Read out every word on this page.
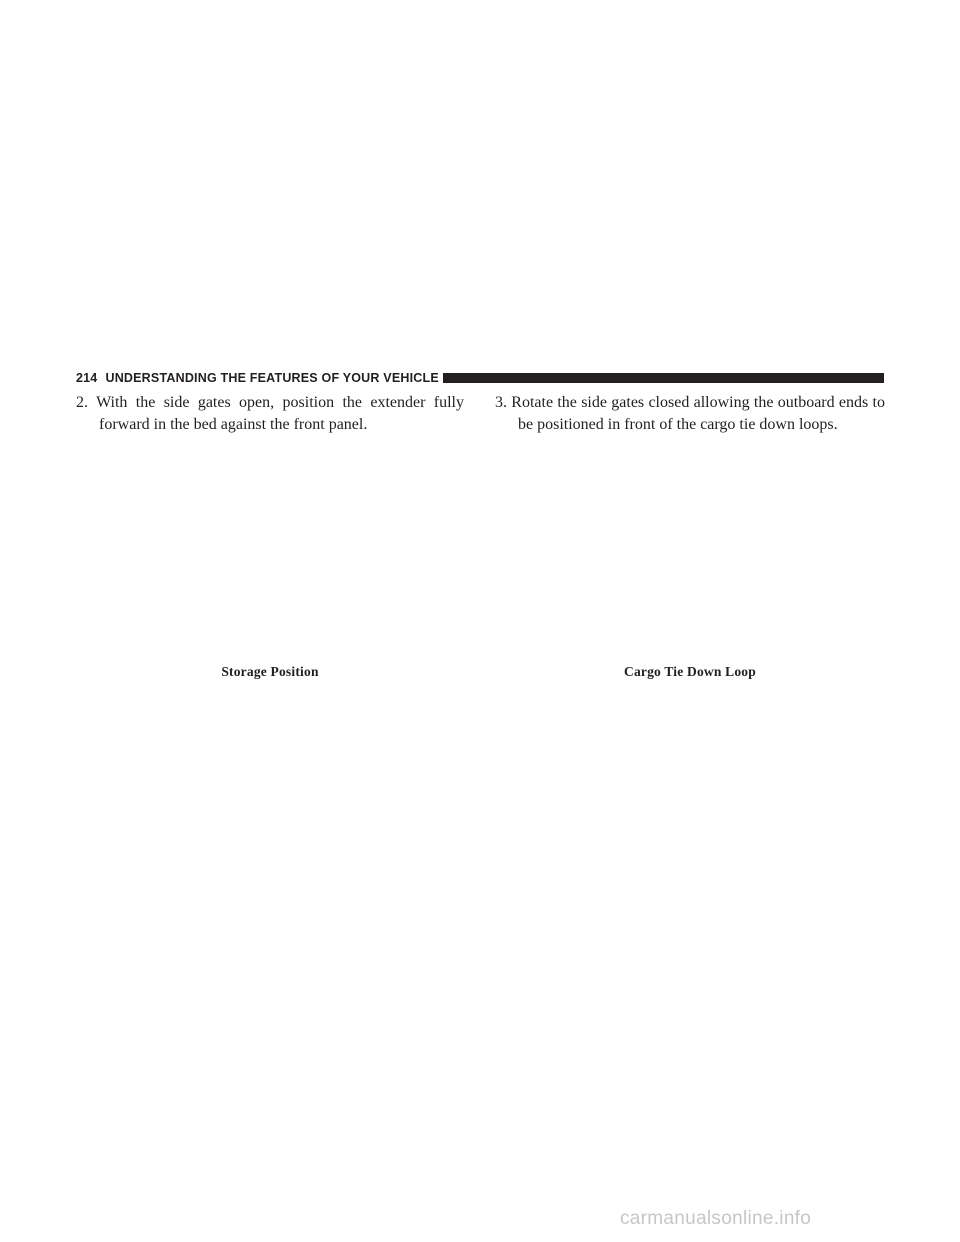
214 UNDERSTANDING THE FEATURES OF YOUR VEHICLE

2. With the side gates open, position the extender fully forward in the bed against the front panel.

3. Rotate the side gates closed allowing the outboard ends to be positioned in front of the cargo tie down loops.

Storage Position	Cargo Tie Down Loop
carmanualsonline.info
